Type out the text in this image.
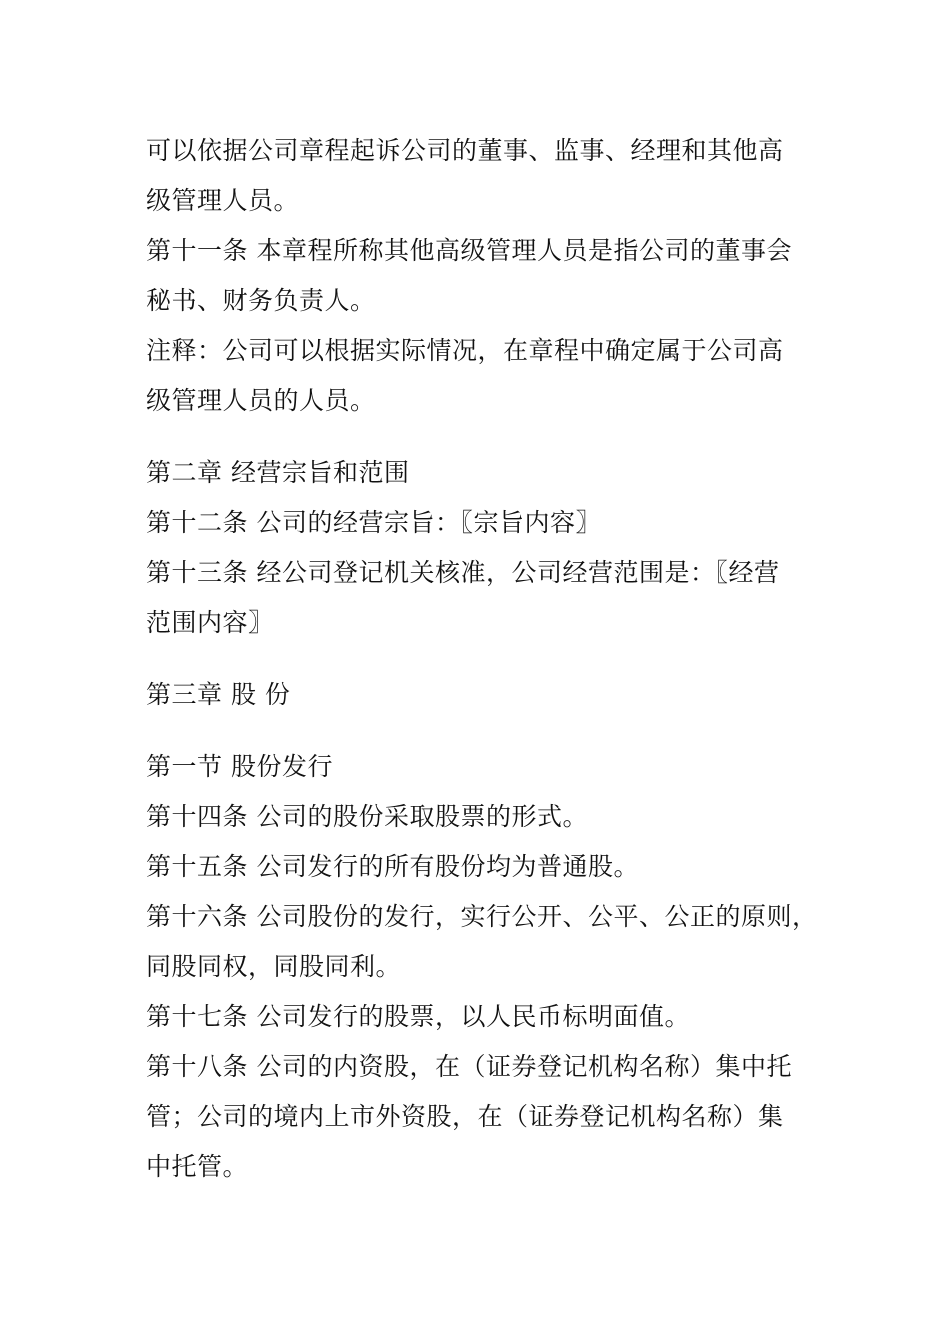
可以依据公司章程起诉公司的董事、监事、经理和其他高
级管理人员。
第十一条 本章程所称其他高级管理人员是指公司的董事会
秘书、财务负责人。
注释：公司可以根据实际情况，在章程中确定属于公司高
级管理人员的人员。
第二章 经营宗旨和范围
第十二条 公司的经营宗旨：〖宗旨内容〗
第十三条 经公司登记机关核准，公司经营范围是：〖经营
范围内容〗
第三章 股 份
第一节 股份发行
第十四条 公司的股份采取股票的形式。
第十五条 公司发行的所有股份均为普通股。
第十六条 公司股份的发行，实行公开、公平、公正的原则，
同股同权，同股同利。
第十七条 公司发行的股票，以人民币标明面值。
第十八条 公司的内资股，在（证券登记机构名称）集中托
管；公司的境内上市外资股，在（证券登记机构名称）集
中托管。
